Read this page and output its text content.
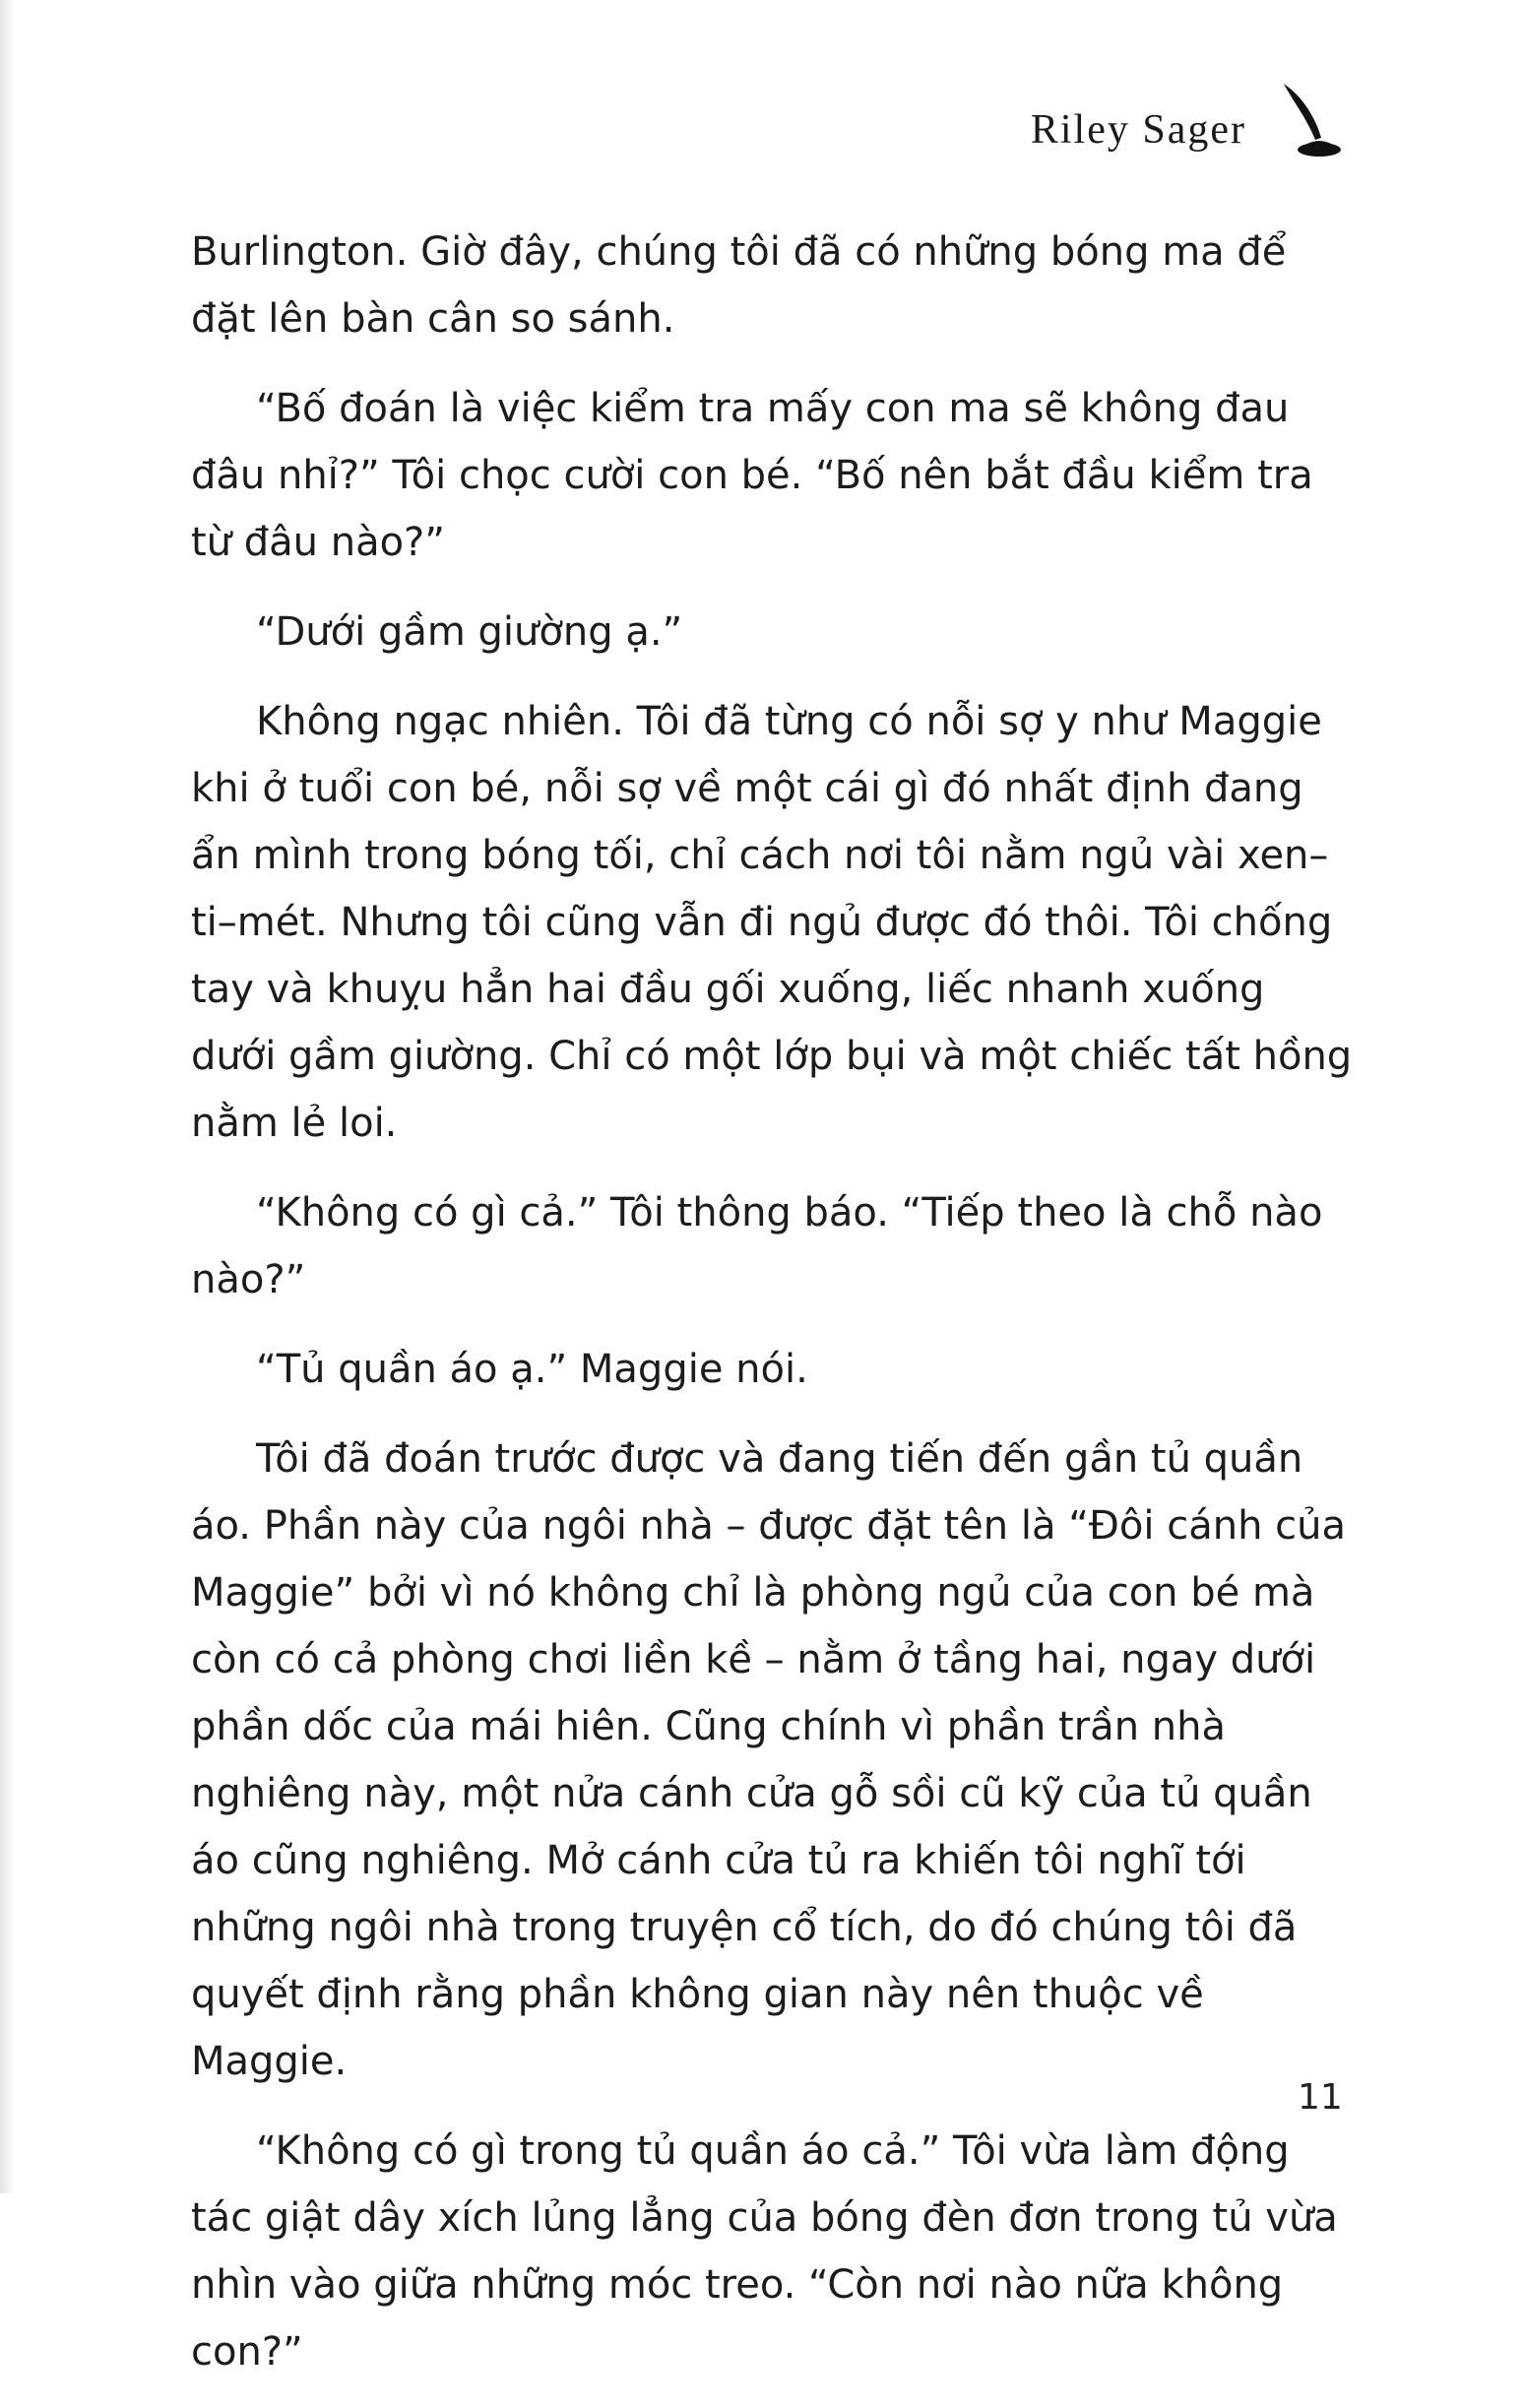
Riley Sager

Burlington. Giờ đây, chúng tôi đã có những bóng ma để đặt lên bàn cân so sánh.

“Bố đoán là việc kiểm tra mấy con ma sẽ không đau đâu nhỉ?” Tôi chọc cười con bé. “Bố nên bắt đầu kiểm tra từ đâu nào?”

“Dưới gầm giường ạ.”

Không ngạc nhiên. Tôi đã từng có nỗi sợ y như Maggie khi ở tuổi con bé, nỗi sợ về một cái gì đó nhất định đang ẩn mình trong bóng tối, chỉ cách nơi tôi nằm ngủ vài xen–ti–mét. Nhưng tôi cũng vẫn đi ngủ được đó thôi. Tôi chống tay và khuỵu hẳn hai đầu gối xuống, liếc nhanh xuống dưới gầm giường. Chỉ có một lớp bụi và một chiếc tất hồng nằm lẻ loi.

“Không có gì cả.” Tôi thông báo. “Tiếp theo là chỗ nào nào?”

“Tủ quần áo ạ.” Maggie nói.

Tôi đã đoán trước được và đang tiến đến gần tủ quần áo. Phần này của ngôi nhà – được đặt tên là “Đôi cánh của Maggie” bởi vì nó không chỉ là phòng ngủ của con bé mà còn có cả phòng chơi liền kề – nằm ở tầng hai, ngay dưới phần dốc của mái hiên. Cũng chính vì phần trần nhà nghiêng này, một nửa cánh cửa gỗ sồi cũ kỹ của tủ quần áo cũng nghiêng. Mở cánh cửa tủ ra khiến tôi nghĩ tới những ngôi nhà trong truyện cổ tích, do đó chúng tôi đã quyết định rằng phần không gian này nên thuộc về Maggie.

“Không có gì trong tủ quần áo cả.” Tôi vừa làm động tác giật dây xích lủng lẳng của bóng đèn đơn trong tủ vừa nhìn vào giữa những móc treo. “Còn nơi nào nữa không con?”

11
